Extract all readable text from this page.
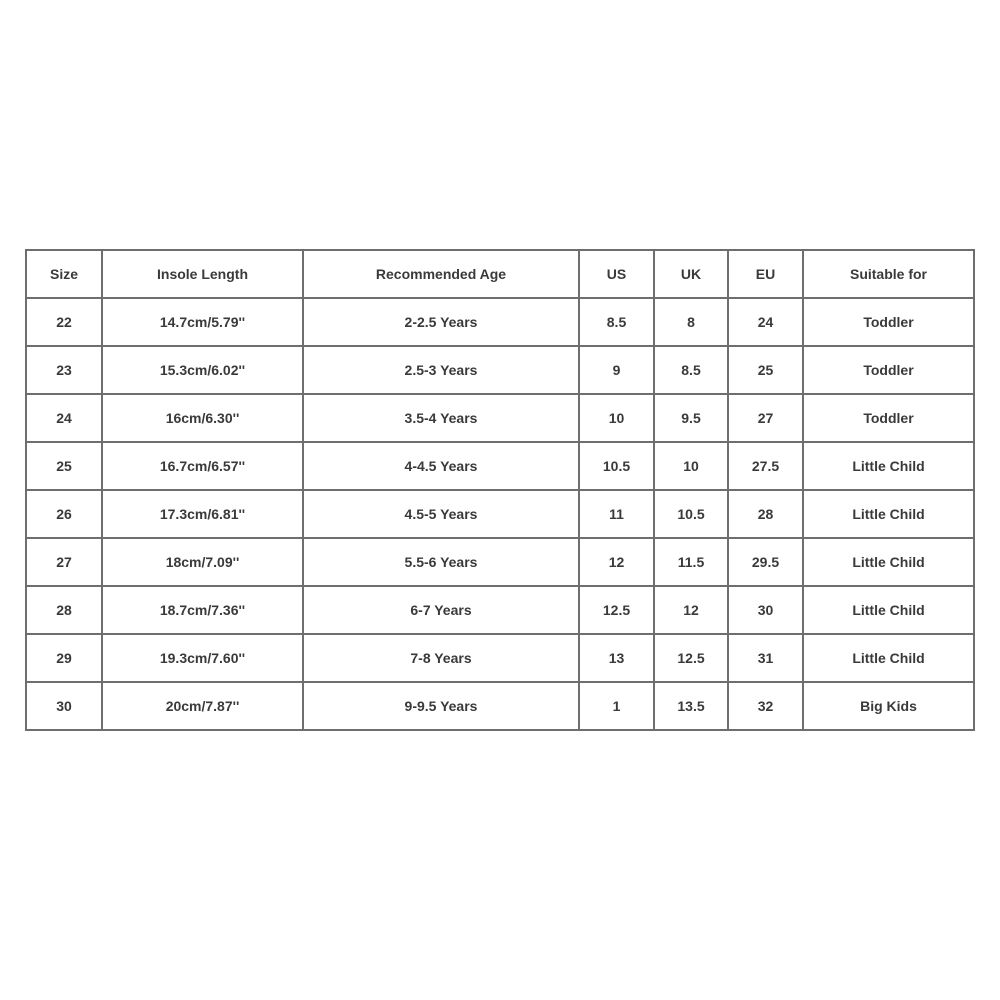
Size	Insole Length	Recommended Age	US	UK	EU	Suitable for
22	14.7cm/5.79''	2-2.5 Years	8.5	8	24	Toddler
23	15.3cm/6.02''	2.5-3 Years	9	8.5	25	Toddler
24	16cm/6.30''	3.5-4 Years	10	9.5	27	Toddler
25	16.7cm/6.57''	4-4.5 Years	10.5	10	27.5	Little Child
26	17.3cm/6.81''	4.5-5 Years	11	10.5	28	Little Child
27	18cm/7.09''	5.5-6 Years	12	11.5	29.5	Little Child
28	18.7cm/7.36''	6-7 Years	12.5	12	30	Little Child
29	19.3cm/7.60''	7-8 Years	13	12.5	31	Little Child
30	20cm/7.87''	9-9.5 Years	1	13.5	32	Big Kids
